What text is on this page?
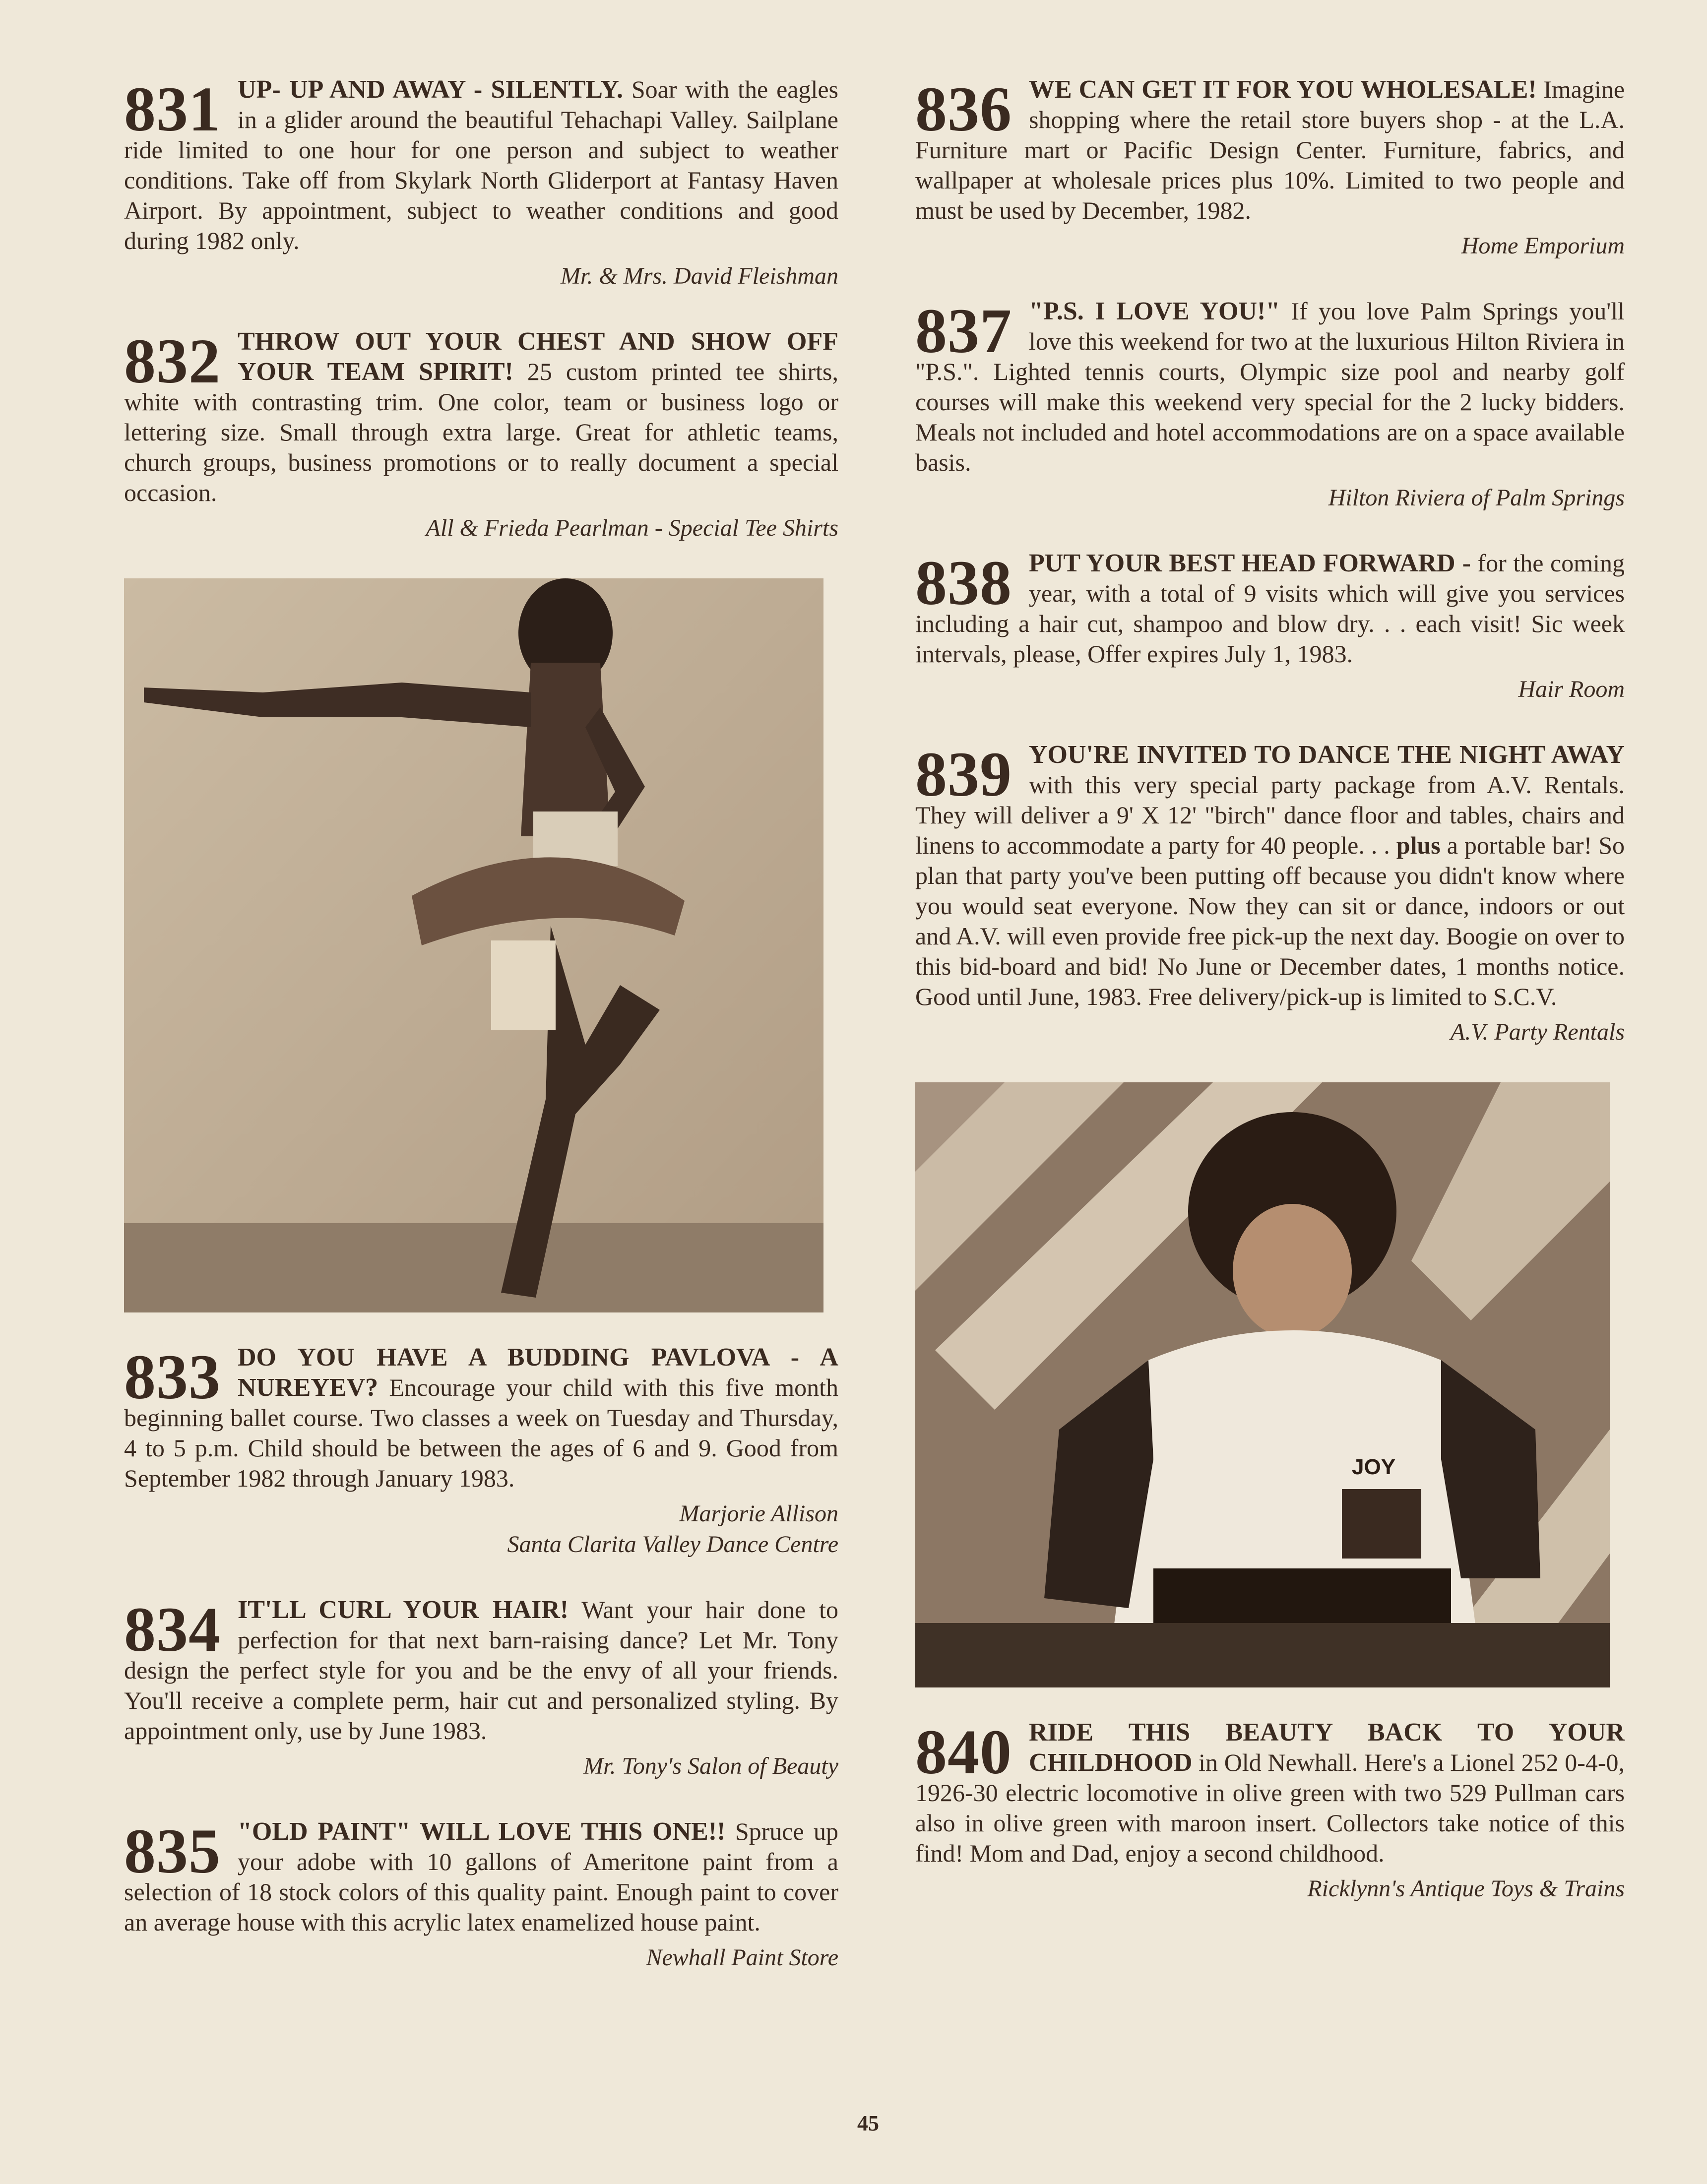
831 UP- UP AND AWAY - SILENTLY. Soar with the eagles in a glider around the beautiful Tehachapi Valley. Sailplane ride limited to one hour for one person and subject to weather conditions. Take off from Skylark North Gliderport at Fantasy Haven Airport. By appointment, subject to weather conditions and good during 1982 only.
Mr. & Mrs. David Fleishman
832 THROW OUT YOUR CHEST AND SHOW OFF YOUR TEAM SPIRIT! 25 custom printed tee shirts, white with contrasting trim. One color, team or business logo or lettering size. Small through extra large. Great for athletic teams, church groups, business promotions or to really document a special occasion.
All & Frieda Pearlman - Special Tee Shirts
833 DO YOU HAVE A BUDDING PAVLOVA - A NUREYEV? Encourage your child with this five month beginning ballet course. Two classes a week on Tuesday and Thursday, 4 to 5 p.m. Child should be between the ages of 6 and 9. Good from September 1982 through January 1983.
Marjorie Allison
Santa Clarita Valley Dance Centre
834 IT'LL CURL YOUR HAIR! Want your hair done to perfection for that next barn-raising dance? Let Mr. Tony design the perfect style for you and be the envy of all your friends. You'll receive a complete perm, hair cut and personalized styling. By appointment only, use by June 1983.
Mr. Tony's Salon of Beauty
835 "OLD PAINT" WILL LOVE THIS ONE!! Spruce up your adobe with 10 gallons of Ameritone paint from a selection of 18 stock colors of this quality paint. Enough paint to cover an average house with this acrylic latex enamelized house paint.
Newhall Paint Store
836 WE CAN GET IT FOR YOU WHOLESALE! Imagine shopping where the retail store buyers shop - at the L.A. Furniture mart or Pacific Design Center. Furniture, fabrics, and wallpaper at wholesale prices plus 10%. Limited to two people and must be used by December, 1982.
Home Emporium
837 "P.S. I LOVE YOU!" If you love Palm Springs you'll love this weekend for two at the luxurious Hilton Riviera in "P.S.". Lighted tennis courts, Olympic size pool and nearby golf courses will make this weekend very special for the 2 lucky bidders. Meals not included and hotel accommodations are on a space available basis.
Hilton Riviera of Palm Springs
838 PUT YOUR BEST HEAD FORWARD - for the coming year, with a total of 9 visits which will give you services including a hair cut, shampoo and blow dry. . . each visit! Sic week intervals, please, Offer expires July 1, 1983.
Hair Room
839 YOU'RE INVITED TO DANCE THE NIGHT AWAY with this very special party package from A.V. Rentals. They will deliver a 9' X 12' "birch" dance floor and tables, chairs and linens to accommodate a party for 40 people. . . plus a portable bar! So plan that party you've been putting off because you didn't know where you would seat everyone. Now they can sit or dance, indoors or out and A.V. will even provide free pick-up the next day. Boogie on over to this bid-board and bid! No June or December dates, 1 months notice. Good until June, 1983. Free delivery/pick-up is limited to S.C.V.
A.V. Party Rentals
JOY
840 RIDE THIS BEAUTY BACK TO YOUR CHILDHOOD in Old Newhall. Here's a Lionel 252 0-4-0, 1926-30 electric locomotive in olive green with two 529 Pullman cars also in olive green with maroon insert. Collectors take notice of this find! Mom and Dad, enjoy a second childhood.
Ricklynn's Antique Toys & Trains
45
